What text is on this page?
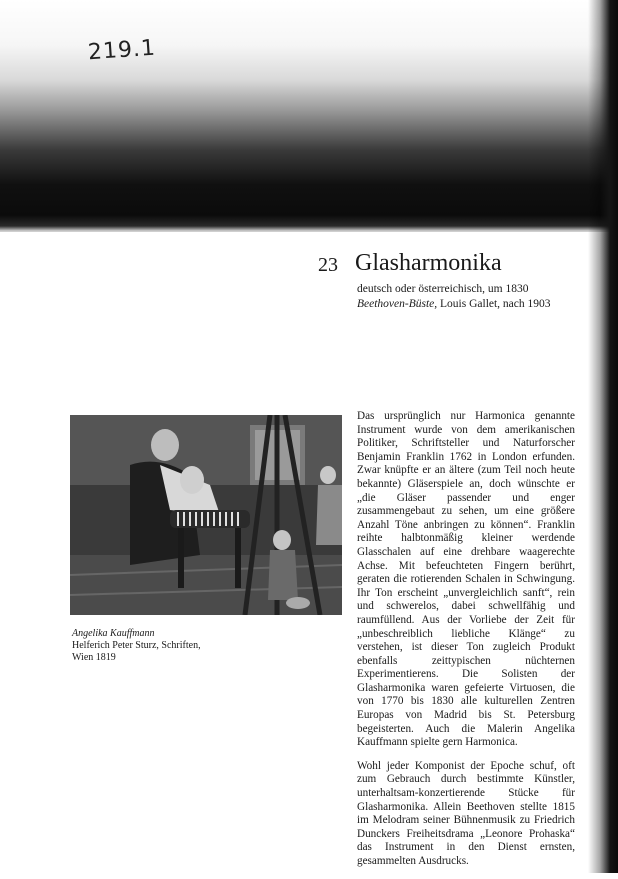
219.1
23 Glasharmonika
deutsch oder österreichisch, um 1830
Beethoven-Büste, Louis Gallet, nach 1903
Angelika Kauffmann
Helferich Peter Sturz, Schriften,
Wien 1819

Das ursprünglich nur Harmonica genannte Instrument wurde von dem amerikanischen Politiker, Schriftsteller und Naturforscher Benjamin Franklin 1762 in London erfunden. Zwar knüpfte er an ältere (zum Teil noch heute bekannte) Gläserspiele an, doch wünschte er „die Gläser passender und enger zusammengebaut zu sehen, um eine größere Anzahl Töne anbringen zu können“. Franklin reihte halbtonmäßig kleiner werdende Glasschalen auf eine drehbare waagerechte Achse. Mit befeuchteten Fingern berührt, geraten die rotierenden Schalen in Schwingung. Ihr Ton erscheint „unvergleichlich sanft“, rein und schwerelos, dabei schwellfähig und raumfüllend. Aus der Vorliebe der Zeit für „unbeschreiblich liebliche Klänge“ zu verstehen, ist dieser Ton zugleich Produkt ebenfalls zeittypischen nüchternen Experimentierens. Die Solisten der Glasharmonika waren gefeierte Virtuosen, die von 1770 bis 1830 alle kulturellen Zentren Europas von Madrid bis St. Petersburg begeisterten. Auch die Malerin Angelika Kauffmann spielte gern Harmonica.

Wohl jeder Komponist der Epoche schuf, oft zum Gebrauch durch bestimmte Künstler, unterhaltsam-konzertierende Stücke für Glasharmonika. Allein Beethoven stellte 1815 im Melodram seiner Bühnenmusik zu Friedrich Dunckers Freiheitsdrama „Leonore Prohaska“ das Instrument in den Dienst ernsten, gesammelten Ausdrucks.
